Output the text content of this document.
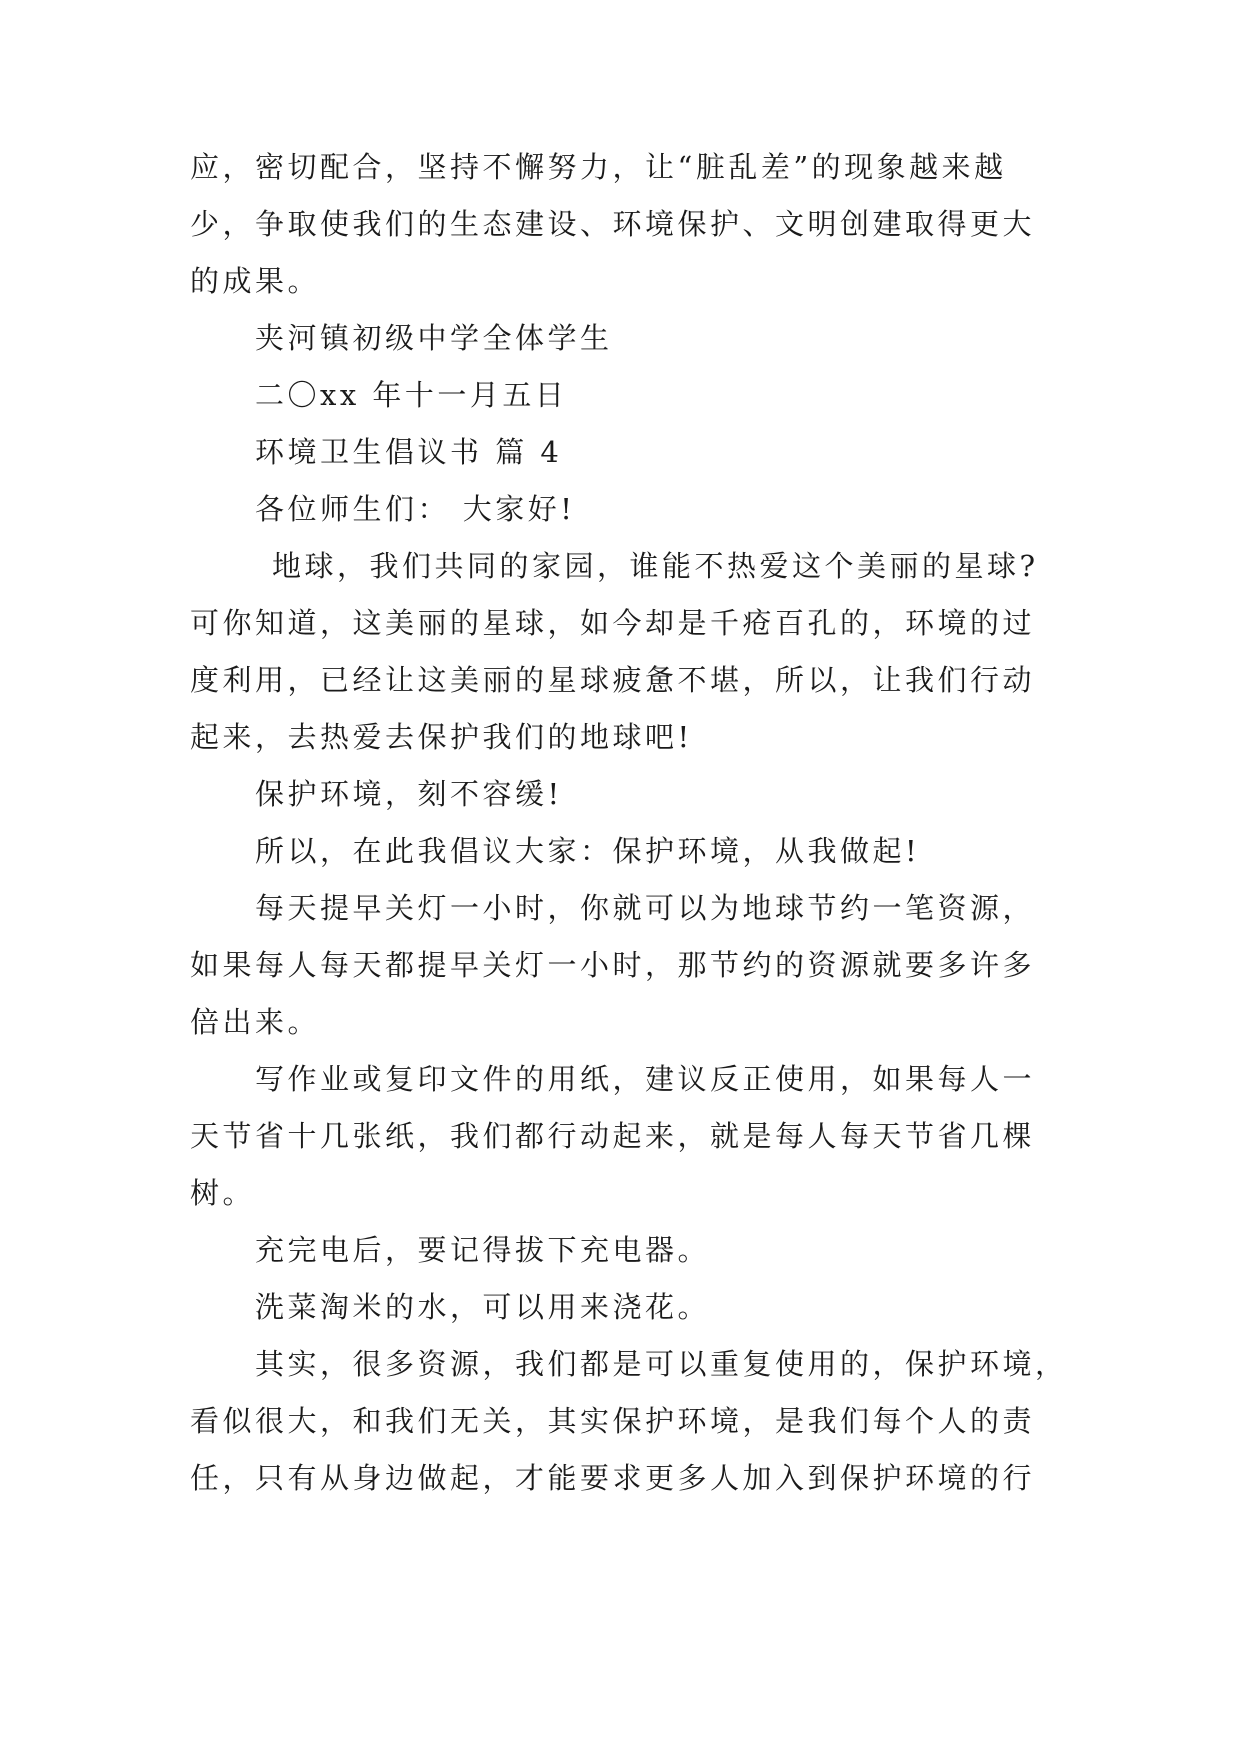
应，密切配合，坚持不懈努力，让“脏乱差”的现象越来越
少，争取使我们的生态建设、环境保护、文明创建取得更大
的成果。
夹河镇初级中学全体学生
二〇xx 年十一月五日
环境卫生倡议书 篇 4
各位师生们： 大家好!
地球，我们共同的家园，谁能不热爱这个美丽的星球?
可你知道，这美丽的星球，如今却是千疮百孔的，环境的过
度利用，已经让这美丽的星球疲惫不堪，所以，让我们行动
起来，去热爱去保护我们的地球吧!
保护环境，刻不容缓!
所以，在此我倡议大家：保护环境，从我做起!
每天提早关灯一小时，你就可以为地球节约一笔资源，
如果每人每天都提早关灯一小时，那节约的资源就要多许多
倍出来。
写作业或复印文件的用纸，建议反正使用，如果每人一
天节省十几张纸，我们都行动起来，就是每人每天节省几棵
树。
充完电后，要记得拔下充电器。
洗菜淘米的水，可以用来浇花。
其实，很多资源，我们都是可以重复使用的，保护环境，
看似很大，和我们无关，其实保护环境，是我们每个人的责
任，只有从身边做起，才能要求更多人加入到保护环境的行
